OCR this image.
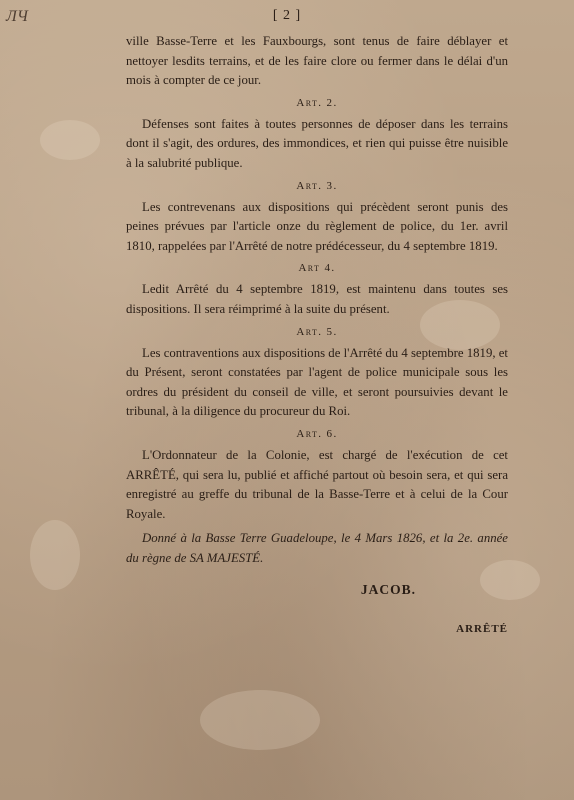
ЛЧ	[ 2 ]
ville Basse-Terre et les Fauxbourgs, sont tenus de faire déblayer et nettoyer lesdits terrains, et de les faire clore ou fermer dans le délai d'un mois à compter de ce jour.
Art. 2.
Défenses sont faites à toutes personnes de déposer dans les terrains dont il s'agit, des ordures, des immondices, et rien qui puisse être nuisible à la salubrité publique.
Art. 3.
Les contrevenans aux dispositions qui précèdent seront punis des peines prévues par l'article onze du règlement de police, du 1er. avril 1810, rappelées par l'Arrêté de notre prédécesseur, du 4 septembre 1819.
Art 4.
Ledit Arrêté du 4 septembre 1819, est maintenu dans toutes ses dispositions. Il sera réimprimé à la suite du présent.
Art. 5.
Les contraventions aux dispositions de l'Arrêté du 4 septembre 1819, et du Présent, seront constatées par l'agent de police municipale sous les ordres du président du conseil de ville, et seront poursuivies devant le tribunal, à la diligence du procureur du Roi.
Art. 6.
L'Ordonnateur de la Colonie, est chargé de l'exécution de cet ARRÊTÉ, qui sera lu, publié et affiché partout où besoin sera, et qui sera enregistré au greffe du tribunal de la Basse-Terre et à celui de la Cour Royale.
Donné à la Basse Terre Guadeloupe, le 4 Mars 1826, et la 2e. année du règne de SA MAJESTÉ.
JACOB.
ARRÊTÉ
